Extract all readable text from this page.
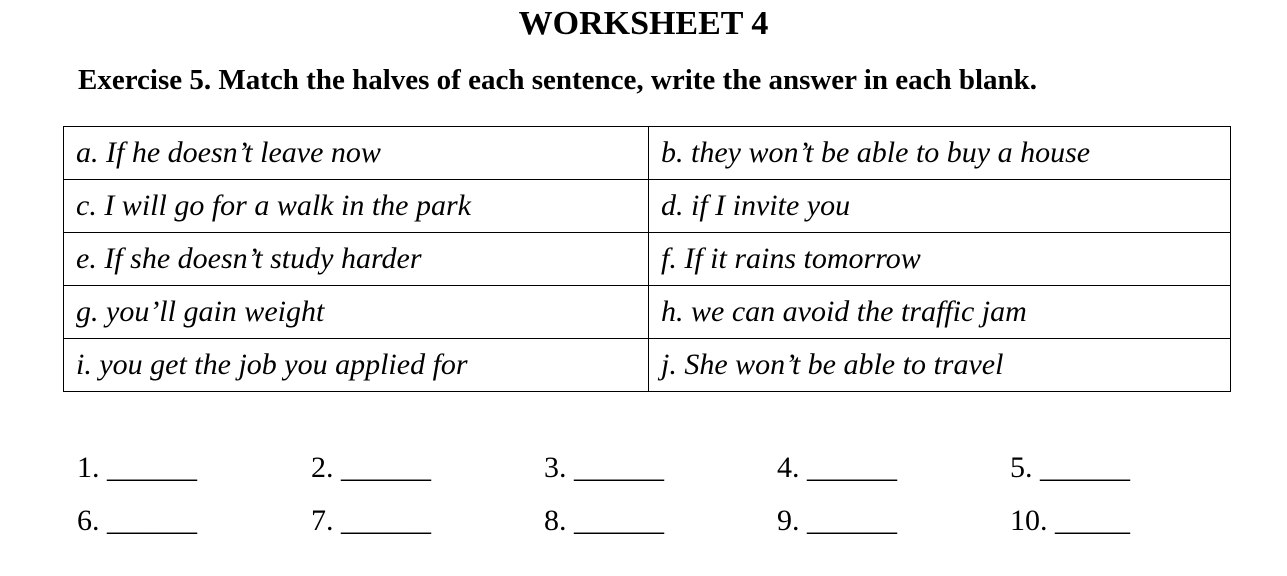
WORKSHEET 4
Exercise 5. Match the halves of each sentence, write the answer in each blank.
a. If he doesn’t leave now	b. they won’t be able to buy a house
c. I will go for a walk in the park	d. if I invite you
e. If she doesn’t study harder	f. If it rains tomorrow
g. you’ll gain weight	h. we can avoid the traffic jam
i. you get the job you applied for	j. She won’t be able to travel
1. ______	2. ______	3. ______	4. ______	5. ______
6. ______	7. ______	8. ______	9. ______	10. _____
